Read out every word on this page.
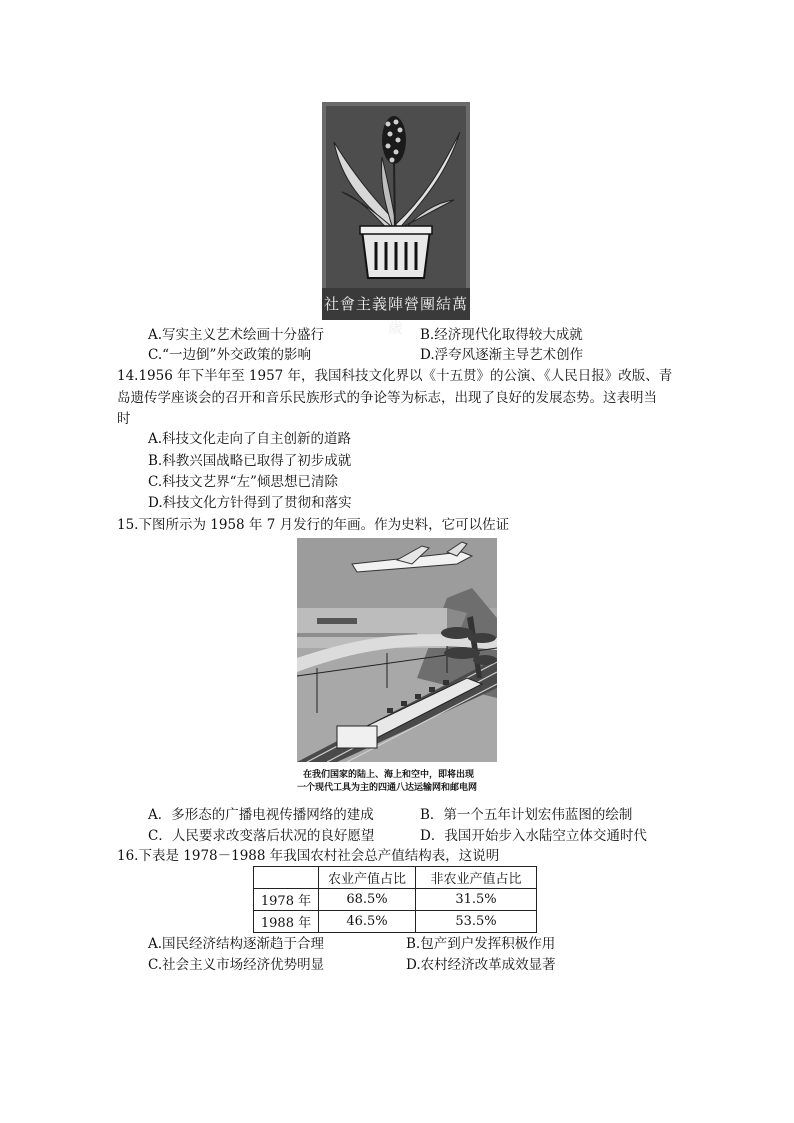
社會主義陣營團結萬歲
A.写实主义艺术绘画十分盛行	B.经济现代化取得较大成就
C.“一边倒”外交政策的影响	D.浮夸风逐渐主导艺术创作
14.1956 年下半年至 1957 年，我国科技文化界以《十五贯》的公演、《人民日报》改版、青
岛遗传学座谈会的召开和音乐民族形式的争论等为标志，出现了良好的发展态势。这表明当
时
A.科技文化走向了自主创新的道路
B.科教兴国战略已取得了初步成就
C.科技文艺界“左”倾思想已清除
D.科技文化方针得到了贯彻和落实
15.下图所示为 1958 年 7 月发行的年画。作为史料，它可以佐证
在我们国家的陆上、海上和空中，即将出现
一个现代工具为主的四通八达运输网和邮电网
A．多形态的广播电视传播网络的建成	B．第一个五年计划宏伟蓝图的绘制
C．人民要求改变落后状况的良好愿望	D．我国开始步入水陆空立体交通时代
16.下表是 1978－1988 年我国农村社会总产值结构表，这说明
	农业产值占比	非农业产值占比
1978 年	68.5%	31.5%
1988 年	46.5%	53.5%
A.国民经济结构逐渐趋于合理	B.包产到户发挥积极作用
C.社会主义市场经济优势明显	D.农村经济改革成效显著
